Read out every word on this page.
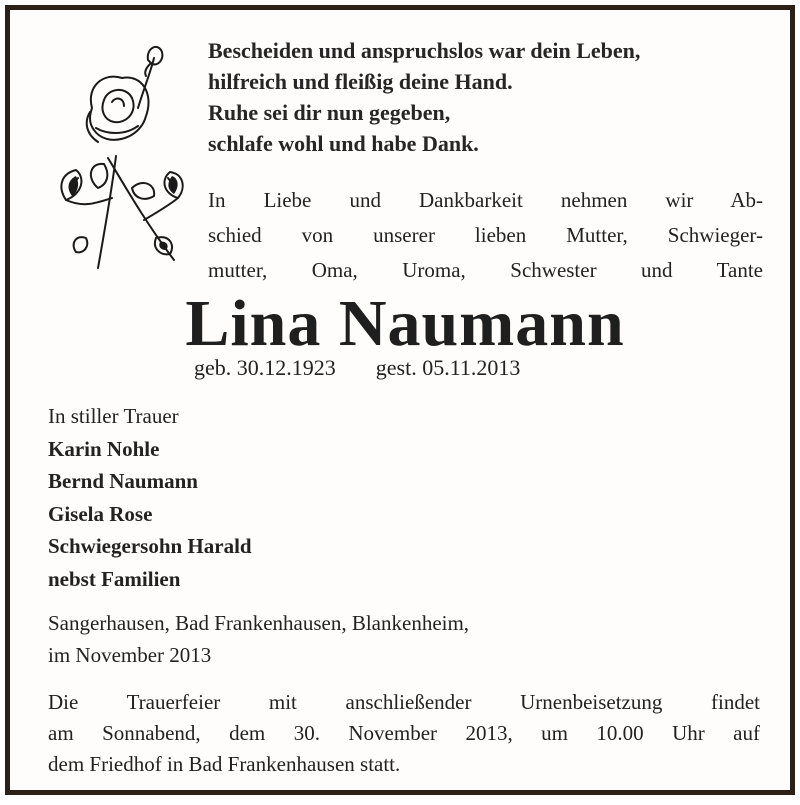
Bescheiden und anspruchslos war dein Leben,
hilfreich und fleißig deine Hand.
Ruhe sei dir nun gegeben,
schlafe wohl und habe Dank.
In Liebe und Dankbarkeit nehmen wir Ab-
schied von unserer lieben Mutter, Schwieger-
mutter, Oma, Uroma, Schwester und Tante
Lina Naumann
geb. 30.12.1923 gest. 05.11.2013
In stiller Trauer
Karin Nohle
Bernd Naumann
Gisela Rose
Schwiegersohn Harald
nebst Familien
Sangerhausen, Bad Frankenhausen, Blankenheim,
im November 2013
Die Trauerfeier mit anschließender Urnenbeisetzung findet
am Sonnabend, dem 30. November 2013, um 10.00 Uhr auf
dem Friedhof in Bad Frankenhausen statt.
